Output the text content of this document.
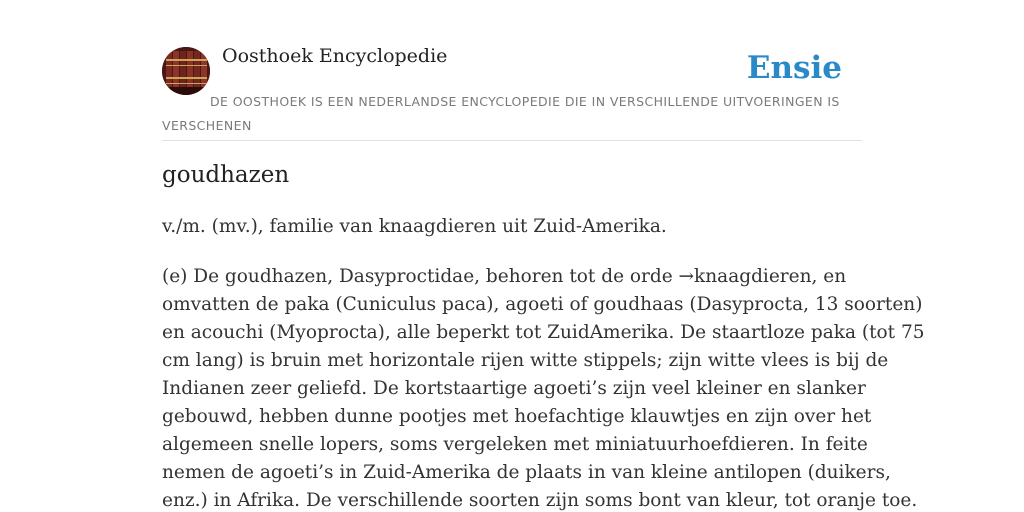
Oosthoek Encyclopedie	Ensie
DE OOSTHOEK IS EEN NEDERLANDSE ENCYCLOPEDIE DIE IN VERSCHILLENDE UITVOERINGEN IS VERSCHENEN
goudhazen

v./m. (mv.), familie van knaagdieren uit Zuid-Amerika.

(e) De goudhazen, Dasyproctidae, behoren tot de orde →knaagdieren, en
omvatten de paka (Cuniculus paca), agoeti of goudhaas (Dasyprocta, 13 soorten)
en acouchi (Myoprocta), alle beperkt tot ZuidAmerika. De staartloze paka (tot 75
cm lang) is bruin met horizontale rijen witte stippels; zijn witte vlees is bij de
Indianen zeer geliefd. De kortstaartige agoeti’s zijn veel kleiner en slanker
gebouwd, hebben dunne pootjes met hoefachtige klauwtjes en zijn over het
algemeen snelle lopers, soms vergeleken met miniatuurhoefdieren. In feite
nemen de agoeti’s in Zuid-Amerika de plaats in van kleine antilopen (duikers,
enz.) in Afrika. De verschillende soorten zijn soms bont van kleur, tot oranje toe.
